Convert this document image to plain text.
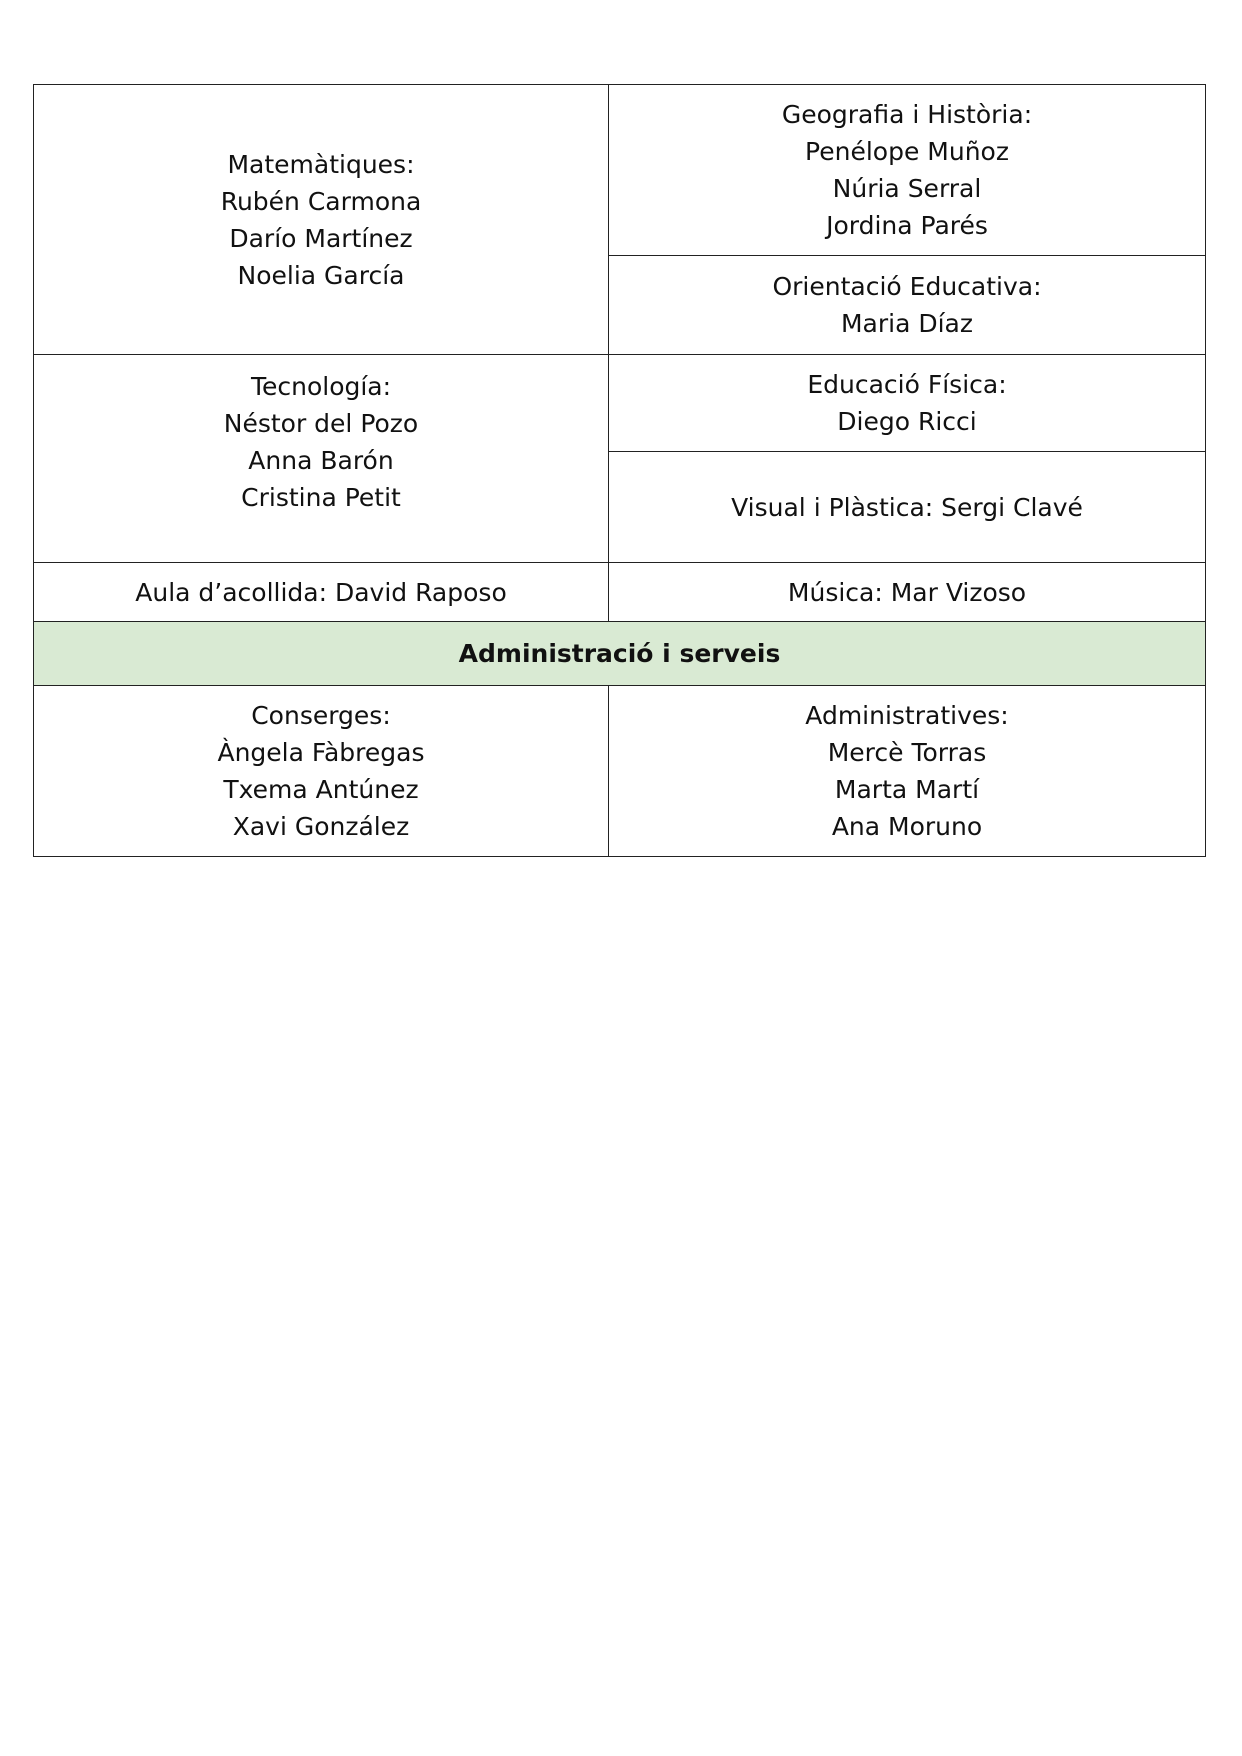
Matemàtiques:
Rubén Carmona
Darío Martínez
Noelia García	Geografia i Història:
Penélope Muñoz
Núria Serral
Jordina Parés

	Orientació Educativa:
Maria Díaz

Tecnología:
Néstor del Pozo
Anna Barón
Cristina Petit	Educació Física:
Diego Ricci

	Visual i Plàstica: Sergi Clavé

Aula d’acollida: David Raposo	Música: Mar Vizoso

Administració i serveis	

Conserges:
Àngela Fàbregas
Txema Antúnez
Xavi González	Administratives:
Mercè Torras
Marta Martí
Ana Moruno
